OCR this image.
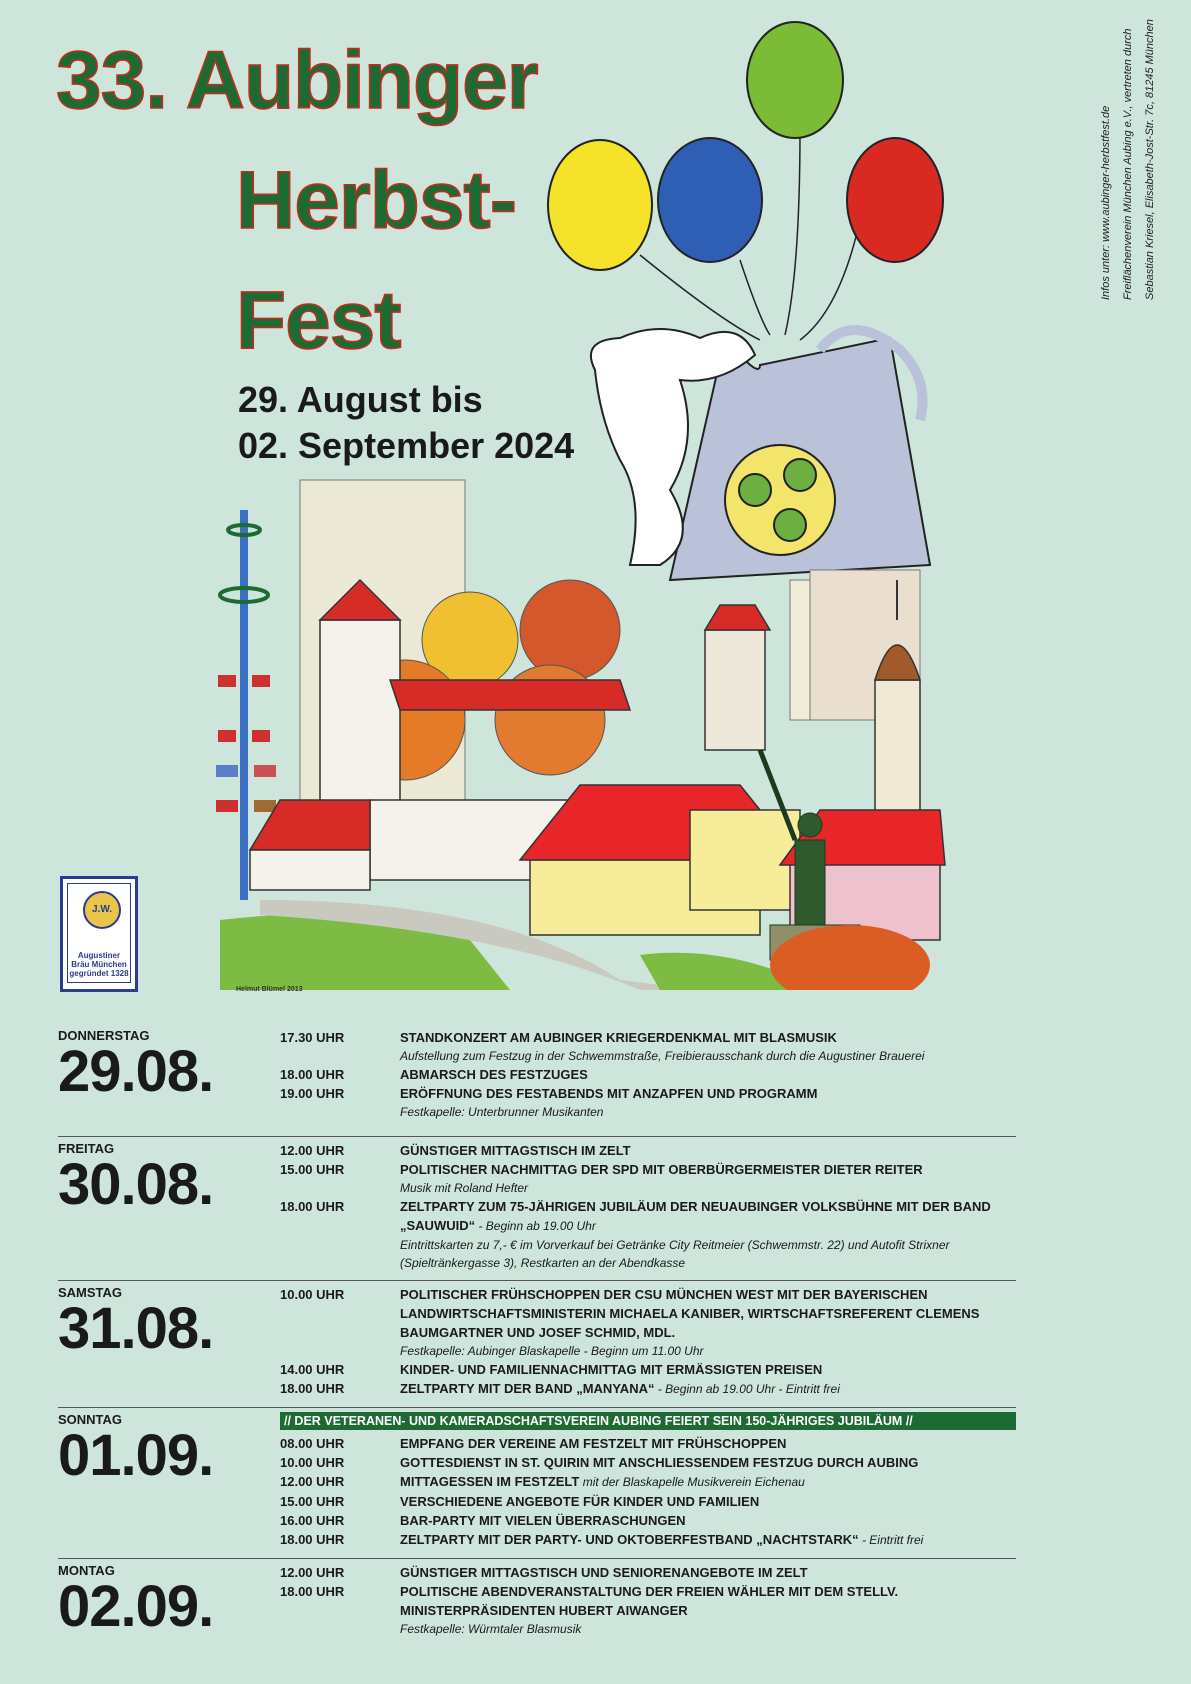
33. Aubinger
Herbst-
Fest
29. August bis
02. September 2024
Infos unter: www.aubinger-herbstfest.de Freiflächenverein München Aubing e.V., vertreten durch Sebastian Kriesel, Elisabeth-Jost-Str. 7c, 81245 München
Helmut Blümel 2013
J.W.
Augustiner
Bräu München
gegründet 1328
DONNERSTAG
29.08.
17.30 UHR	STANDKONZERT AM AUBINGER KRIEGERDENKMAL MIT BLASMUSIK
Aufstellung zum Festzug in der Schwemmstraße, Freibierausschank durch die Augustiner Brauerei
18.00 UHR	ABMARSCH DES FESTZUGES
19.00 UHR	ERÖFFNUNG DES FESTABENDS MIT ANZAPFEN UND PROGRAMM
Festkapelle: Unterbrunner Musikanten
FREITAG
30.08.
12.00 UHR	GÜNSTIGER MITTAGSTISCH IM ZELT
15.00 UHR	POLITISCHER NACHMITTAG DER SPD MIT OBERBÜRGERMEISTER DIETER REITER
Musik mit Roland Hefter
18.00 UHR	ZELTPARTY ZUM 75-JÄHRIGEN JUBILÄUM DER NEUAUBINGER VOLKSBÜHNE MIT DER BAND „SAUWUID“ - Beginn ab 19.00 Uhr
Eintrittskarten zu 7,- € im Vorverkauf bei Getränke City Reitmeier (Schwemmstr. 22) und Autofit Strixner (Spieltränkergasse 3), Restkarten an der Abendkasse
SAMSTAG
31.08.
10.00 UHR	POLITISCHER FRÜHSCHOPPEN DER CSU MÜNCHEN WEST MIT DER BAYERISCHEN LANDWIRTSCHAFTSMINISTERIN MICHAELA KANIBER, WIRTSCHAFTSREFERENT CLEMENS BAUMGARTNER UND JOSEF SCHMID, MDL.
Festkapelle: Aubinger Blaskapelle - Beginn um 11.00 Uhr
14.00 UHR	KINDER- UND FAMILIENNACHMITTAG MIT ERMÄSSIGTEN PREISEN
18.00 UHR	ZELTPARTY MIT DER BAND „MANYANA“ - Beginn ab 19.00 Uhr - Eintritt frei
SONNTAG
01.09.
// DER VETERANEN- UND KAMERADSCHAFTSVEREIN AUBING FEIERT SEIN 150-JÄHRIGES JUBILÄUM //
08.00 UHR	EMPFANG DER VEREINE AM FESTZELT MIT FRÜHSCHOPPEN
10.00 UHR	GOTTESDIENST IN ST. QUIRIN MIT ANSCHLIESSENDEM FESTZUG DURCH AUBING
12.00 UHR	MITTAGESSEN IM FESTZELT mit der Blaskapelle Musikverein Eichenau
15.00 UHR	VERSCHIEDENE ANGEBOTE FÜR KINDER UND FAMILIEN
16.00 UHR	BAR-PARTY MIT VIELEN ÜBERRASCHUNGEN
18.00 UHR	ZELTPARTY MIT DER PARTY- UND OKTOBERFESTBAND „NACHTSTARK“ - Eintritt frei
MONTAG
02.09.
12.00 UHR	GÜNSTIGER MITTAGSTISCH UND SENIORENANGEBOTE IM ZELT
18.00 UHR	POLITISCHE ABENDVERANSTALTUNG DER FREIEN WÄHLER MIT DEM STELLV. MINISTERPRÄSIDENTEN HUBERT AIWANGER
Festkapelle: Würmtaler Blasmusik
